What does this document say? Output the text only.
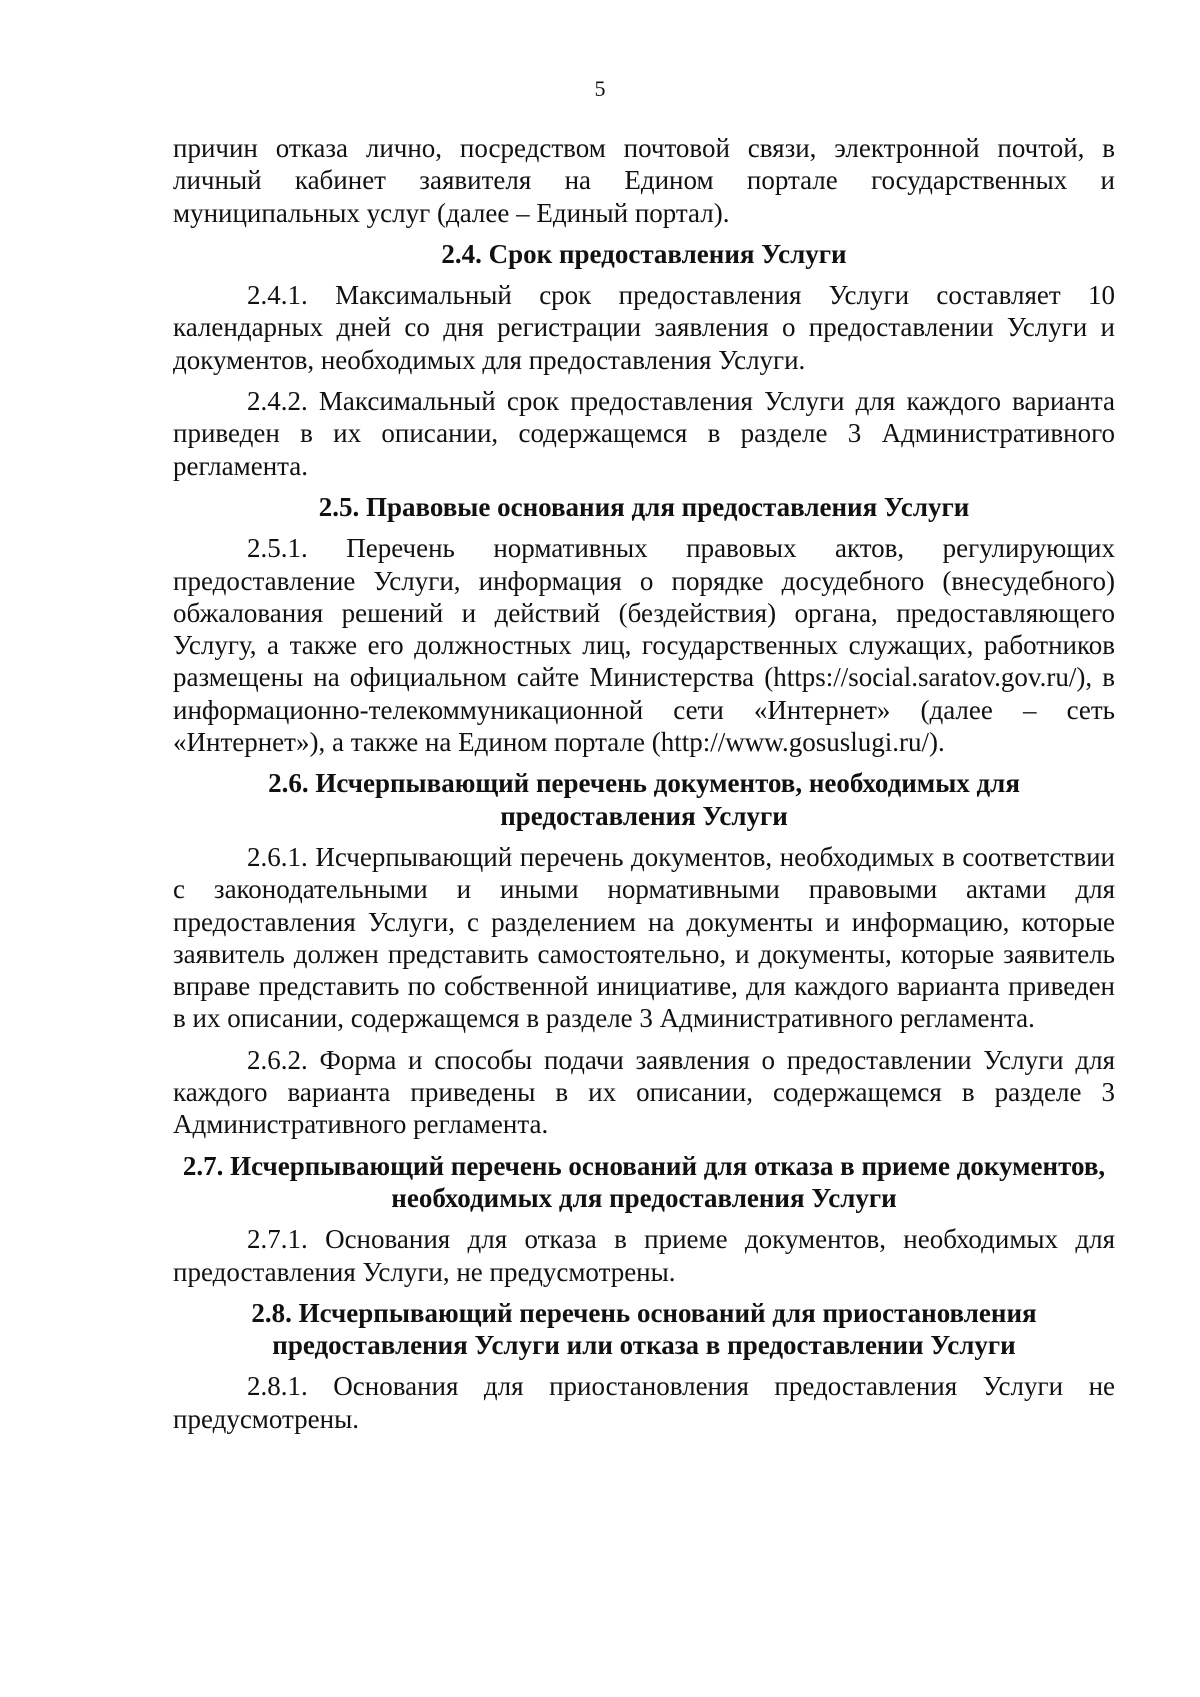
5

причин отказа лично, посредством почтовой связи, электронной почтой, в личный кабинет заявителя на Едином портале государственных и муниципальных услуг (далее – Единый портал).

2.4. Срок предоставления Услуги

2.4.1. Максимальный срок предоставления Услуги составляет 10 календарных дней со дня регистрации заявления о предоставлении Услуги и документов, необходимых для предоставления Услуги.

2.4.2. Максимальный срок предоставления Услуги для каждого варианта приведен в их описании, содержащемся в разделе 3 Административного регламента.

2.5. Правовые основания для предоставления Услуги

2.5.1. Перечень нормативных правовых актов, регулирующих предоставление Услуги, информация о порядке досудебного (внесудебного) обжалования решений и действий (бездействия) органа, предоставляющего Услугу, а также его должностных лиц, государственных служащих, работников размещены на официальном сайте Министерства (https://social.saratov.gov.ru/), в информационно-телекоммуникационной сети «Интернет» (далее – сеть «Интернет»), а также на Едином портале (http://www.gosuslugi.ru/).

2.6. Исчерпывающий перечень документов, необходимых для предоставления Услуги

2.6.1. Исчерпывающий перечень документов, необходимых в соответствии с законодательными и иными нормативными правовыми актами для предоставления Услуги, с разделением на документы и информацию, которые заявитель должен представить самостоятельно, и документы, которые заявитель вправе представить по собственной инициативе, для каждого варианта приведен в их описании, содержащемся в разделе 3 Административного регламента.

2.6.2. Форма и способы подачи заявления о предоставлении Услуги для каждого варианта приведены в их описании, содержащемся в разделе 3 Административного регламента.

2.7. Исчерпывающий перечень оснований для отказа в приеме документов, необходимых для предоставления Услуги

2.7.1. Основания для отказа в приеме документов, необходимых для предоставления Услуги, не предусмотрены.

2.8. Исчерпывающий перечень оснований для приостановления предоставления Услуги или отказа в предоставлении Услуги

2.8.1. Основания для приостановления предоставления Услуги не предусмотрены.
